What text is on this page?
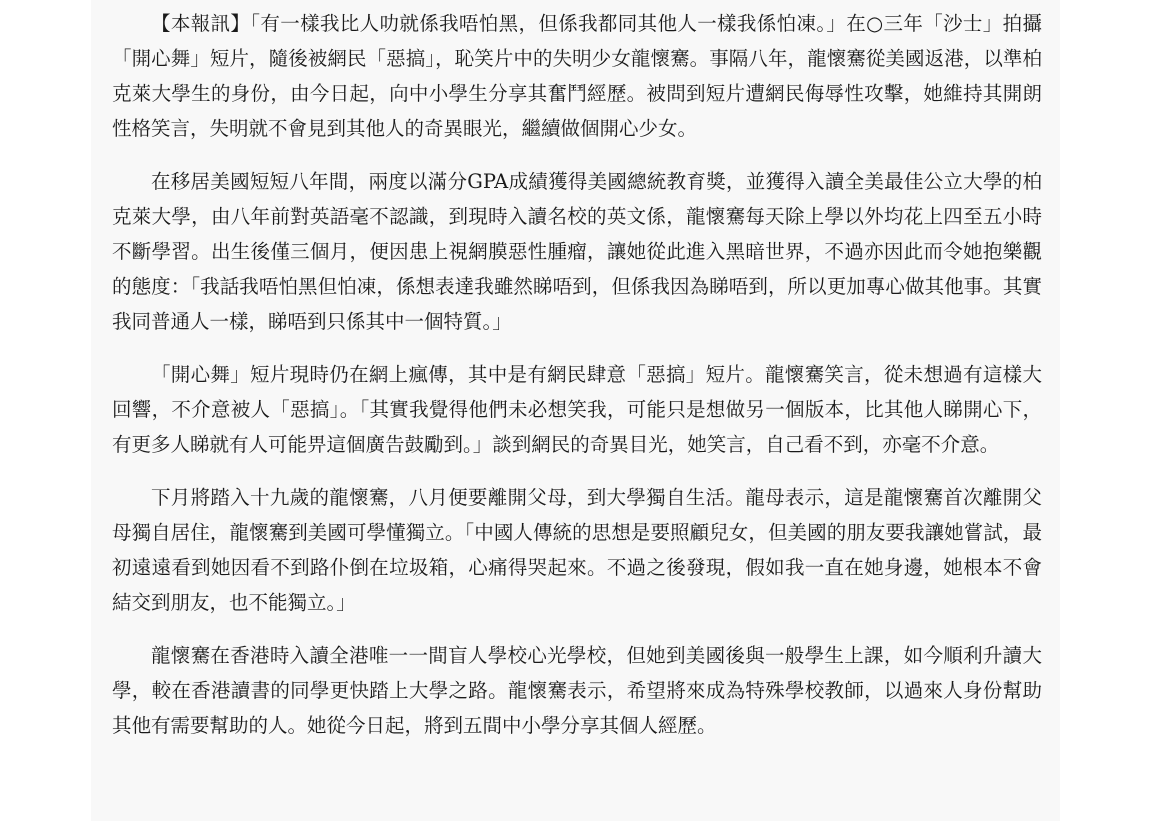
【本報訊】「有一樣我比人叻就係我唔怕黑，但係我都同其他人一樣我係怕凍。」在○三年「沙士」拍攝「開心舞」短片，隨後被網民「惡搞」，恥笑片中的失明少女龍懷騫。事隔八年，龍懷騫從美國返港，以準柏克萊大學生的身份，由今日起，向中小學生分享其奮鬥經歷。被問到短片遭網民侮辱性攻擊，她維持其開朗性格笑言，失明就不會見到其他人的奇異眼光，繼續做個開心少女。

在移居美國短短八年間，兩度以滿分GPA成績獲得美國總統教育獎，並獲得入讀全美最佳公立大學的柏克萊大學，由八年前對英語毫不認識，到現時入讀名校的英文係，龍懷騫每天除上學以外均花上四至五小時不斷學習。出生後僅三個月，便因患上視網膜惡性腫瘤，讓她從此進入黑暗世界，不過亦因此而令她抱樂觀的態度：「我話我唔怕黑但怕凍，係想表達我雖然睇唔到，但係我因為睇唔到，所以更加專心做其他事。其實我同普通人一樣，睇唔到只係其中一個特質。」

「開心舞」短片現時仍在網上瘋傳，其中是有網民肆意「惡搞」短片。龍懷騫笑言，從未想過有這樣大回響，不介意被人「惡搞」。「其實我覺得他們未必想笑我，可能只是想做另一個版本，比其他人睇開心下，有更多人睇就有人可能畀這個廣告鼓勵到。」談到網民的奇異目光，她笑言，自己看不到，亦毫不介意。

下月將踏入十九歲的龍懷騫，八月便要離開父母，到大學獨自生活。龍母表示，這是龍懷騫首次離開父母獨自居住，龍懷騫到美國可學懂獨立。「中國人傳統的思想是要照顧兒女，但美國的朋友要我讓她嘗試，最初遠遠看到她因看不到路仆倒在垃圾箱，心痛得哭起來。不過之後發現，假如我一直在她身邊，她根本不會結交到朋友，也不能獨立。」

龍懷騫在香港時入讀全港唯一一間盲人學校心光學校，但她到美國後與一般學生上課，如今順利升讀大學，較在香港讀書的同學更快踏上大學之路。龍懷騫表示，希望將來成為特殊學校教師，以過來人身份幫助其他有需要幫助的人。她從今日起，將到五間中小學分享其個人經歷。
